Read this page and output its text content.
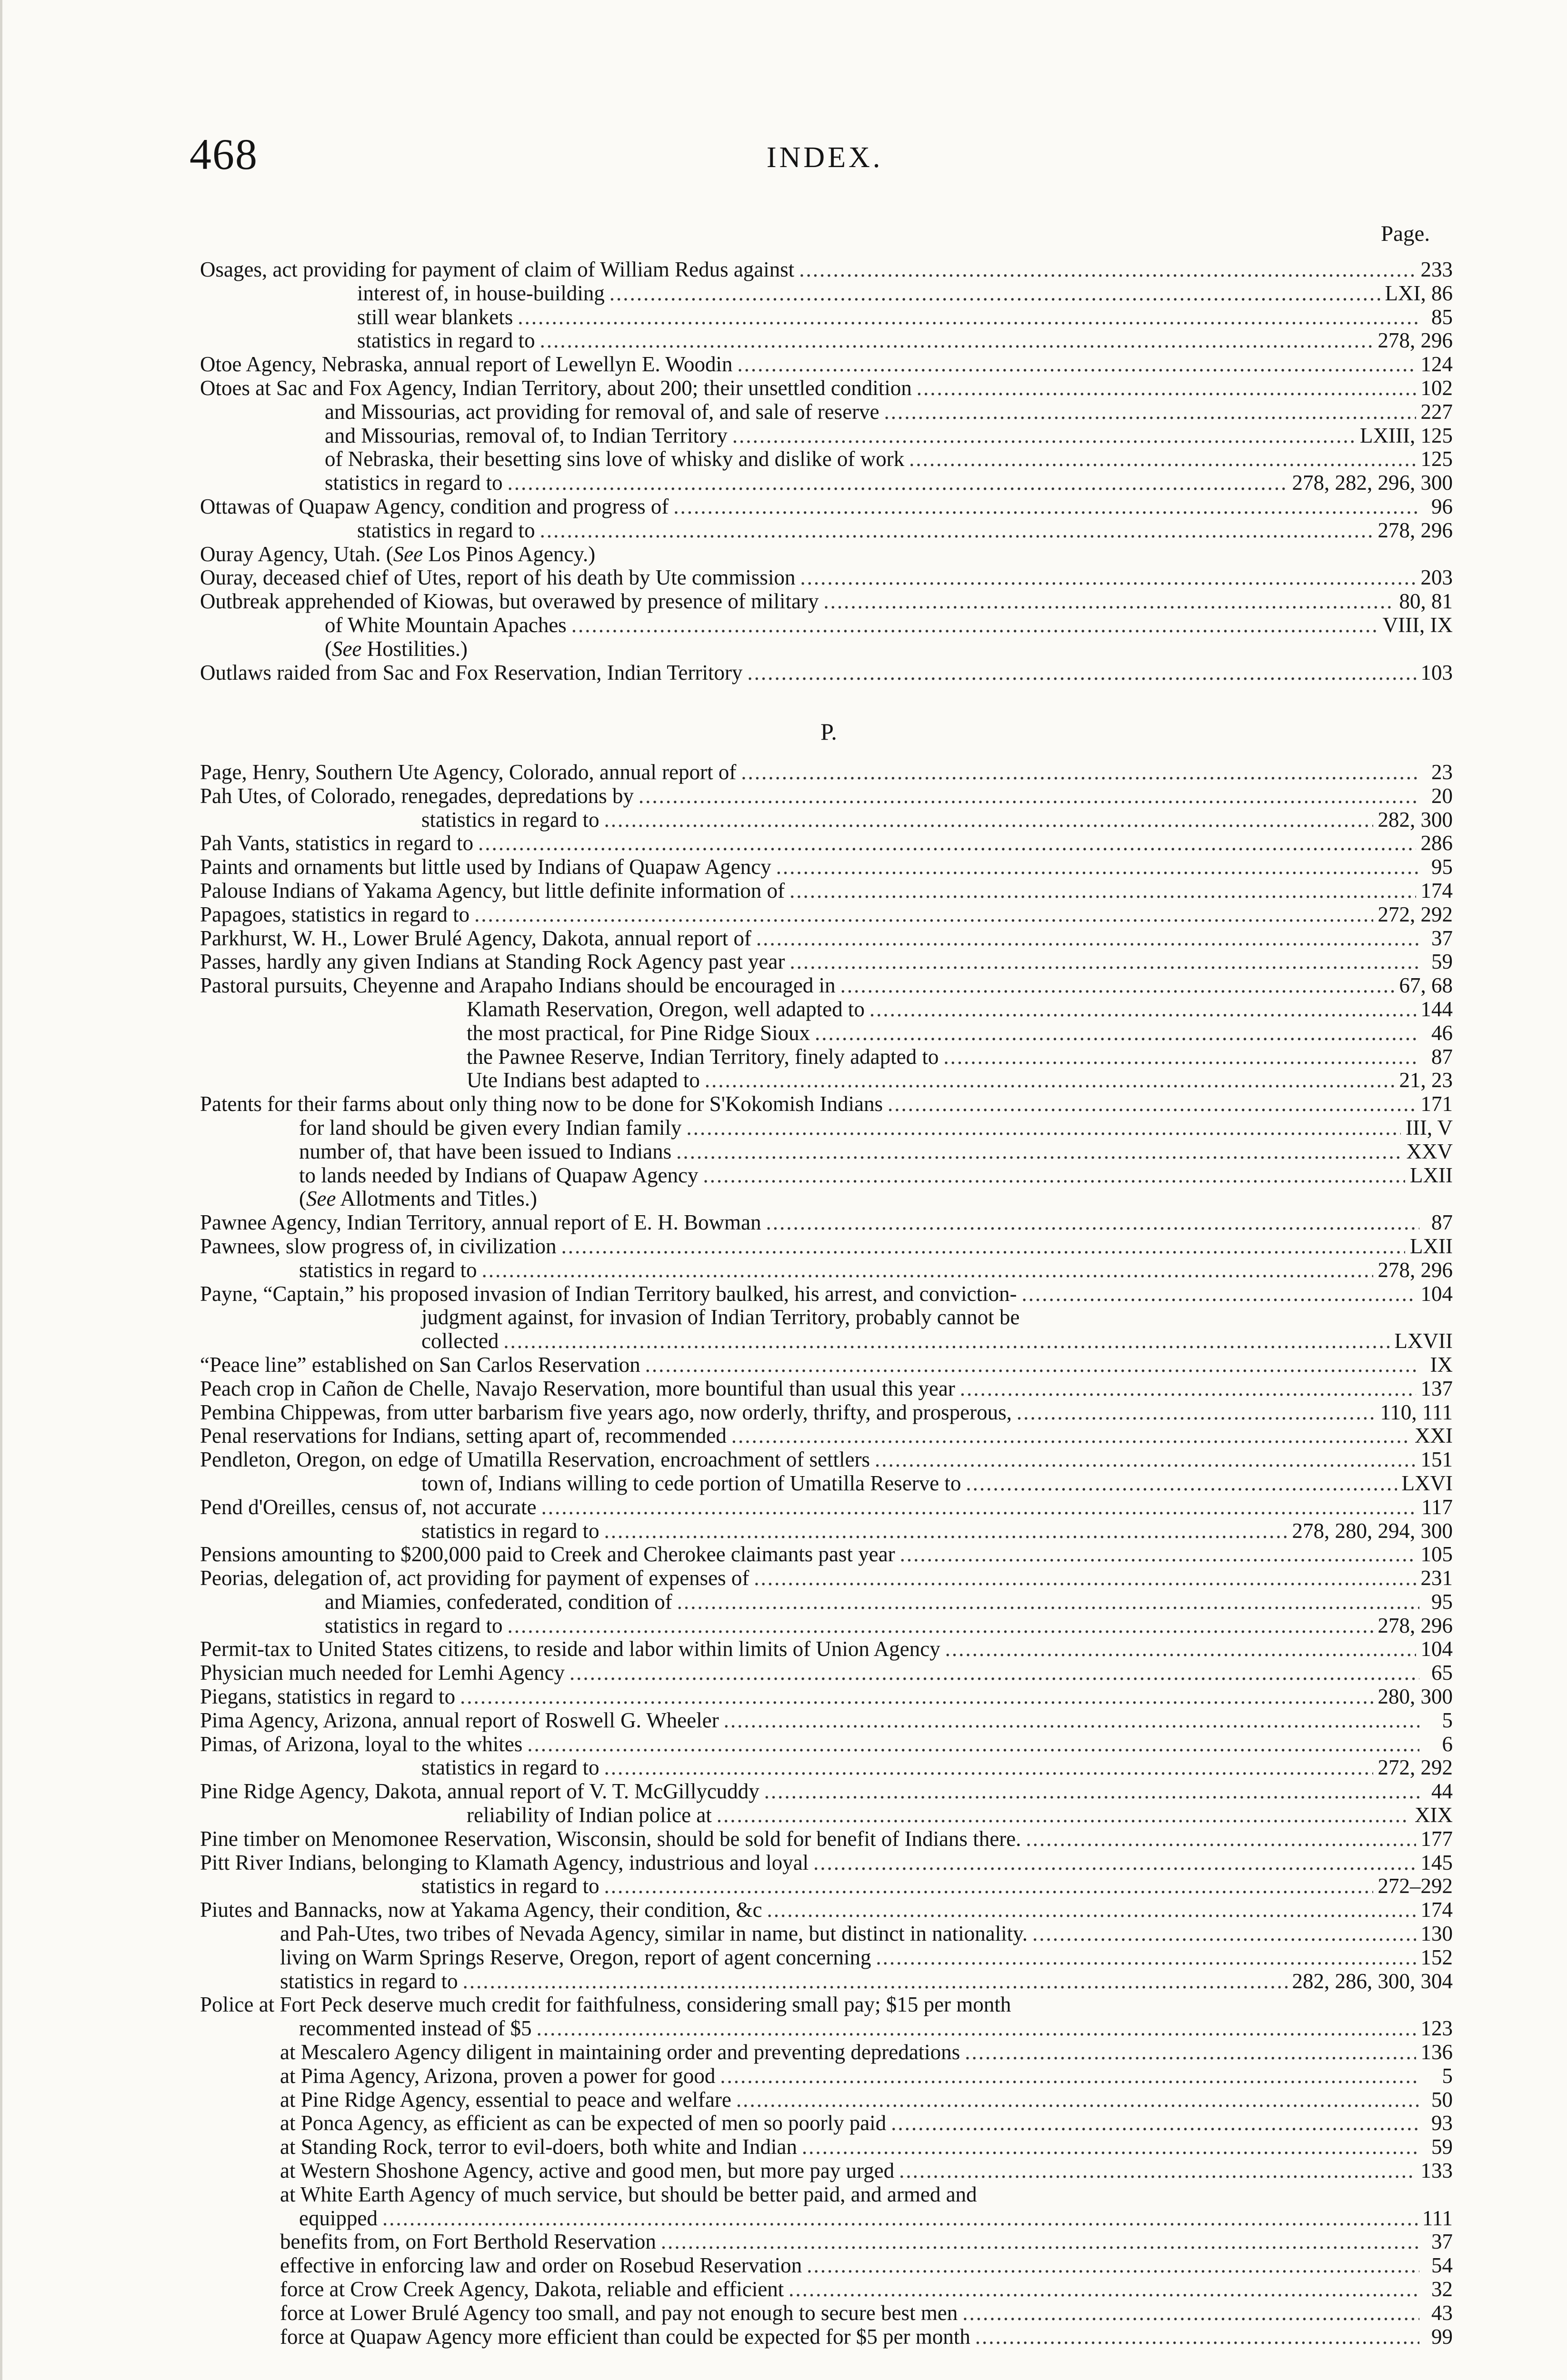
468	INDEX.
Page.
Osages, act providing for payment of claim of William Redus against .....	233
interest of, in house-building .....	LXI, 86
still wear blankets .....	85
statistics in regard to .....	278, 296
Otoe Agency, Nebraska, annual report of Lewellyn E. Woodin .....	124
Otoes at Sac and Fox Agency, Indian Territory, about 200; their unsettled condition .....	102
and Missourias, act providing for removal of, and sale of reserve .....	227
and Missourias, removal of, to Indian Territory .....	LXIII, 125
of Nebraska, their besetting sins love of whisky and dislike of work .....	125
statistics in regard to .....	278, 282, 296, 300
Ottawas of Quapaw Agency, condition and progress of .....	96
statistics in regard to .....	278, 296
Ouray Agency, Utah. (See Los Pinos Agency.)
Ouray, deceased chief of Utes, report of his death by Ute commission .....	203
Outbreak apprehended of Kiowas, but overawed by presence of military .....	80, 81
of White Mountain Apaches .....	VIII, IX
(See Hostilities.)
Outlaws raided from Sac and Fox Reservation, Indian Territory .....	103
P.
Page, Henry, Southern Ute Agency, Colorado, annual report of .....	23
Pah Utes, of Colorado, renegades, depredations by .....	20
statistics in regard to .....	282, 300
Pah Vants, statistics in regard to .....	286
Paints and ornaments but little used by Indians of Quapaw Agency .....	95
Palouse Indians of Yakama Agency, but little definite information of .....	174
Papagoes, statistics in regard to .....	272, 292
Parkhurst, W. H., Lower Brulé Agency, Dakota, annual report of .....	37
Passes, hardly any given Indians at Standing Rock Agency past year .....	59
Pastoral pursuits, Cheyenne and Arapaho Indians should be encouraged in .....	67, 68
Klamath Reservation, Oregon, well adapted to .....	144
the most practical, for Pine Ridge Sioux .....	46
the Pawnee Reserve, Indian Territory, finely adapted to .....	87
Ute Indians best adapted to .....	21, 23
Patents for their farms about only thing now to be done for S'Kokomish Indians .....	171
for land should be given every Indian family .....	III, V
number of, that have been issued to Indians .....	XXV
to lands needed by Indians of Quapaw Agency .....	LXII
(See Allotments and Titles.)
Pawnee Agency, Indian Territory, annual report of E. H. Bowman .....	87
Pawnees, slow progress of, in civilization .....	LXII
statistics in regard to .....	278, 296
Payne, “Captain,” his proposed invasion of Indian Territory baulked, his arrest, and conviction- .....	104
judgment against, for invasion of Indian Territory, probably cannot be
collected .....	LXVII
“Peace line” established on San Carlos Reservation .....	IX
Peach crop in Cañon de Chelle, Navajo Reservation, more bountiful than usual this year .....	137
Pembina Chippewas, from utter barbarism five years ago, now orderly, thrifty, and prosperous, .....	110, 111
Penal reservations for Indians, setting apart of, recommended .....	XXI
Pendleton, Oregon, on edge of Umatilla Reservation, encroachment of settlers .....	151
town of, Indians willing to cede portion of Umatilla Reserve to .....	LXVI
Pend d'Oreilles, census of, not accurate .....	117
statistics in regard to .....	278, 280, 294, 300
Pensions amounting to $200,000 paid to Creek and Cherokee claimants past year .....	105
Peorias, delegation of, act providing for payment of expenses of .....	231
and Miamies, confederated, condition of .....	95
statistics in regard to .....	278, 296
Permit-tax to United States citizens, to reside and labor within limits of Union Agency .....	104
Physician much needed for Lemhi Agency .....	65
Piegans, statistics in regard to .....	280, 300
Pima Agency, Arizona, annual report of Roswell G. Wheeler .....	5
Pimas, of Arizona, loyal to the whites .....	6
statistics in regard to .....	272, 292
Pine Ridge Agency, Dakota, annual report of V. T. McGillycuddy .....	44
reliability of Indian police at .....	XIX
Pine timber on Menomonee Reservation, Wisconsin, should be sold for benefit of Indians there. .....	177
Pitt River Indians, belonging to Klamath Agency, industrious and loyal .....	145
statistics in regard to .....	272–292
Piutes and Bannacks, now at Yakama Agency, their condition, &c .....	174
and Pah-Utes, two tribes of Nevada Agency, similar in name, but distinct in nationality. .....	130
living on Warm Springs Reserve, Oregon, report of agent concerning .....	152
statistics in regard to .....	282, 286, 300, 304
Police at Fort Peck deserve much credit for faithfulness, considering small pay; $15 per month
recommented instead of $5 .....	123
at Mescalero Agency diligent in maintaining order and preventing depredations .....	136
at Pima Agency, Arizona, proven a power for good .....	5
at Pine Ridge Agency, essential to peace and welfare .....	50
at Ponca Agency, as efficient as can be expected of men so poorly paid .....	93
at Standing Rock, terror to evil-doers, both white and Indian .....	59
at Western Shoshone Agency, active and good men, but more pay urged .....	133
at White Earth Agency of much service, but should be better paid, and armed and
equipped .....	111
benefits from, on Fort Berthold Reservation .....	37
effective in enforcing law and order on Rosebud Reservation .....	54
force at Crow Creek Agency, Dakota, reliable and efficient .....	32
force at Lower Brulé Agency too small, and pay not enough to secure best men .....	43
force at Quapaw Agency more efficient than could be expected for $5 per month .....	99
